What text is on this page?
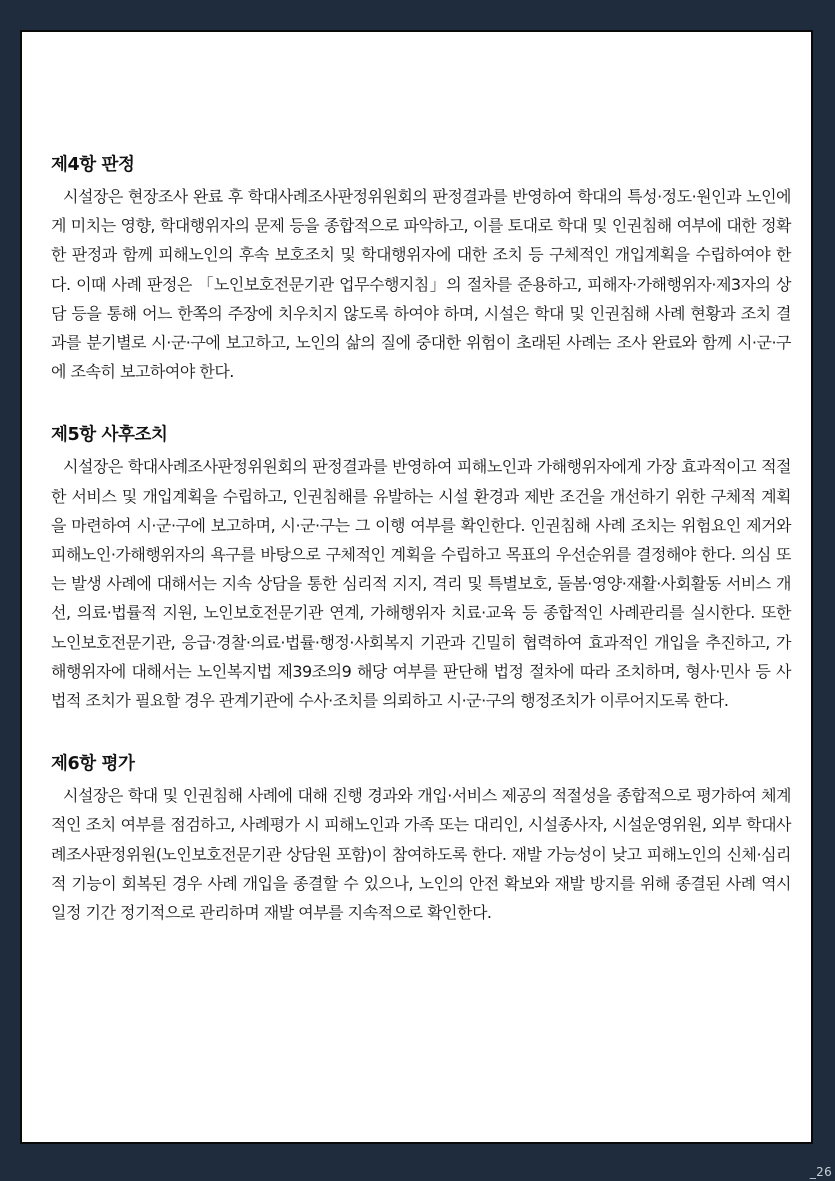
제4항 판정

시설장은 현장조사 완료 후 학대사례조사판정위원회의 판정결과를 반영하여 학대의 특성·정도·원인과 노인에게 미치는 영향, 학대행위자의 문제 등을 종합적으로 파악하고, 이를 토대로 학대 및 인권침해 여부에 대한 정확한 판정과 함께 피해노인의 후속 보호조치 및 학대행위자에 대한 조치 등 구체적인 개입계획을 수립하여야 한다. 이때 사례 판정은 「노인보호전문기관 업무수행지침」의 절차를 준용하고, 피해자·가해행위자·제3자의 상담 등을 통해 어느 한쪽의 주장에 치우치지 않도록 하여야 하며, 시설은 학대 및 인권침해 사례 현황과 조치 결과를 분기별로 시·군·구에 보고하고, 노인의 삶의 질에 중대한 위험이 초래된 사례는 조사 완료와 함께 시·군·구에 조속히 보고하여야 한다.

제5항 사후조치

시설장은 학대사례조사판정위원회의 판정결과를 반영하여 피해노인과 가해행위자에게 가장 효과적이고 적절한 서비스 및 개입계획을 수립하고, 인권침해를 유발하는 시설 환경과 제반 조건을 개선하기 위한 구체적 계획을 마련하여 시·군·구에 보고하며, 시·군·구는 그 이행 여부를 확인한다. 인권침해 사례 조치는 위험요인 제거와 피해노인·가해행위자의 욕구를 바탕으로 구체적인 계획을 수립하고 목표의 우선순위를 결정해야 한다. 의심 또는 발생 사례에 대해서는 지속 상담을 통한 심리적 지지, 격리 및 특별보호, 돌봄·영양·재활·사회활동 서비스 개선, 의료·법률적 지원, 노인보호전문기관 연계, 가해행위자 치료·교육 등 종합적인 사례관리를 실시한다. 또한 노인보호전문기관, 응급·경찰·의료·법률·행정·사회복지 기관과 긴밀히 협력하여 효과적인 개입을 추진하고, 가해행위자에 대해서는 노인복지법 제39조의9 해당 여부를 판단해 법정 절차에 따라 조치하며, 형사·민사 등 사법적 조치가 필요할 경우 관계기관에 수사·조치를 의뢰하고 시·군·구의 행정조치가 이루어지도록 한다.

제6항 평가

시설장은 학대 및 인권침해 사례에 대해 진행 경과와 개입·서비스 제공의 적절성을 종합적으로 평가하여 체계적인 조치 여부를 점검하고, 사례평가 시 피해노인과 가족 또는 대리인, 시설종사자, 시설운영위원, 외부 학대사례조사판정위원(노인보호전문기관 상담원 포함)이 참여하도록 한다. 재발 가능성이 낮고 피해노인의 신체·심리적 기능이 회복된 경우 사례 개입을 종결할 수 있으나, 노인의 안전 확보와 재발 방지를 위해 종결된 사례 역시 일정 기간 정기적으로 관리하며 재발 여부를 지속적으로 확인한다.

_26
